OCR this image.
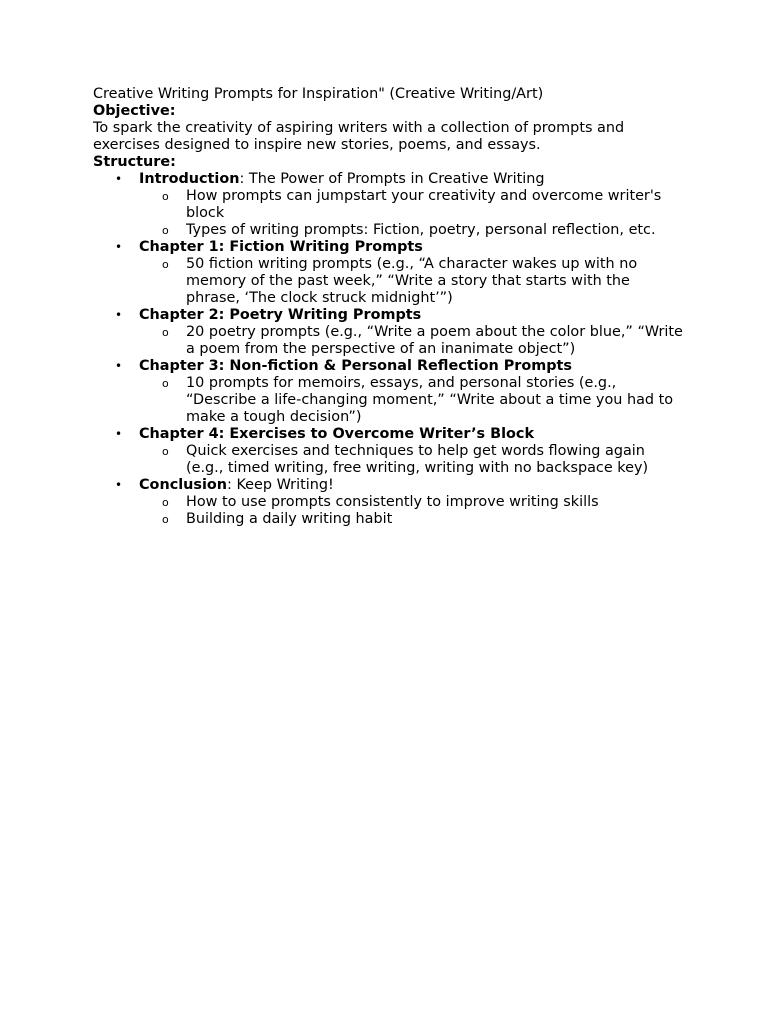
Creative Writing Prompts for Inspiration" (Creative Writing/Art)

Objective:

To spark the creativity of aspiring writers with a collection of prompts and exercises designed to inspire new stories, poems, and essays.

Structure:

• Introduction: The Power of Prompts in Creative Writing
o How prompts can jumpstart your creativity and overcome writer's block
o Types of writing prompts: Fiction, poetry, personal reflection, etc.
• Chapter 1: Fiction Writing Prompts
o 50 fiction writing prompts (e.g., “A character wakes up with no memory of the past week,” “Write a story that starts with the phrase, ‘The clock struck midnight’”)
• Chapter 2: Poetry Writing Prompts
o 20 poetry prompts (e.g., “Write a poem about the color blue,” “Write a poem from the perspective of an inanimate object”)
• Chapter 3: Non-fiction & Personal Reflection Prompts
o 10 prompts for memoirs, essays, and personal stories (e.g., “Describe a life-changing moment,” “Write about a time you had to make a tough decision”)
• Chapter 4: Exercises to Overcome Writer’s Block
o Quick exercises and techniques to help get words flowing again (e.g., timed writing, free writing, writing with no backspace key)
• Conclusion: Keep Writing!
o How to use prompts consistently to improve writing skills
o Building a daily writing habit
